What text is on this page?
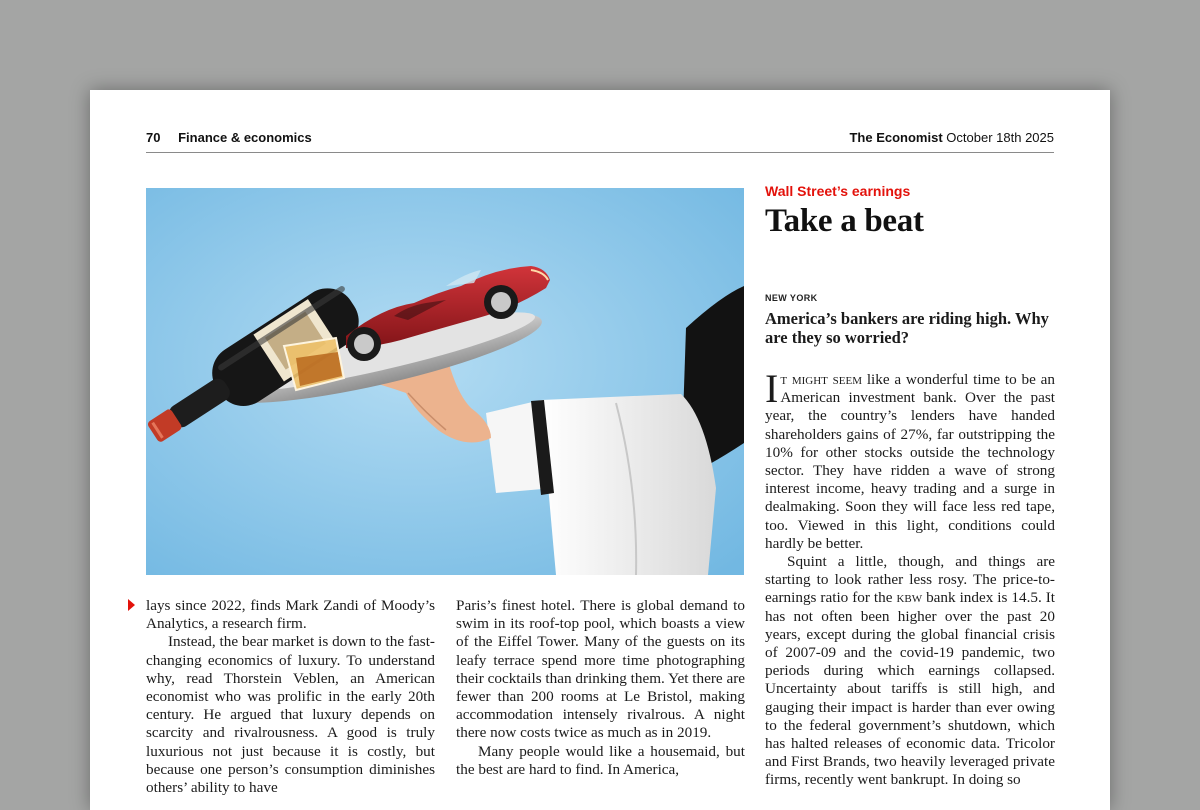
70 Finance & economics	The Economist October 18th 2025

lays since 2022, finds Mark Zandi of Moody’s Analytics, a research firm.

Instead, the bear market is down to the fast-changing economics of luxury. To understand why, read Thorstein Veblen, an American economist who was prolific in the early 20th century. He argued that luxury depends on scarcity and rivalrousness. A good is truly luxurious not just because it is costly, but because one person’s consumption diminishes others’ ability to have

Paris’s finest hotel. There is global demand to swim in its roof-top pool, which boasts a view of the Eiffel Tower. Many of the guests on its leafy terrace spend more time photographing their cocktails than drinking them. Yet there are fewer than 200 rooms at Le Bristol, making accommodation intensely rivalrous. A night there now costs twice as much as in 2019.

Many people would like a housemaid, but the best are hard to find. In America,

Wall Street’s earnings
Take a beat
NEW YORK
America’s bankers are riding high. Why are they so worried?

It might seem like a wonderful time to be an American investment bank. Over the past year, the country’s lenders have handed shareholders gains of 27%, far outstripping the 10% for other stocks outside the technology sector. They have ridden a wave of strong interest income, heavy trading and a surge in dealmaking. Soon they will face less red tape, too. Viewed in this light, conditions could hardly be better.

Squint a little, though, and things are starting to look rather less rosy. The price-to-earnings ratio for the kbw bank index is 14.5. It has not often been higher over the past 20 years, except during the global financial crisis of 2007-09 and the covid-19 pandemic, two periods during which earnings collapsed. Uncertainty about tariffs is still high, and gauging their impact is harder than ever owing to the federal government’s shutdown, which has halted releases of economic data. Tricolor and First Brands, two heavily leveraged private firms, recently went bankrupt. In doing so
